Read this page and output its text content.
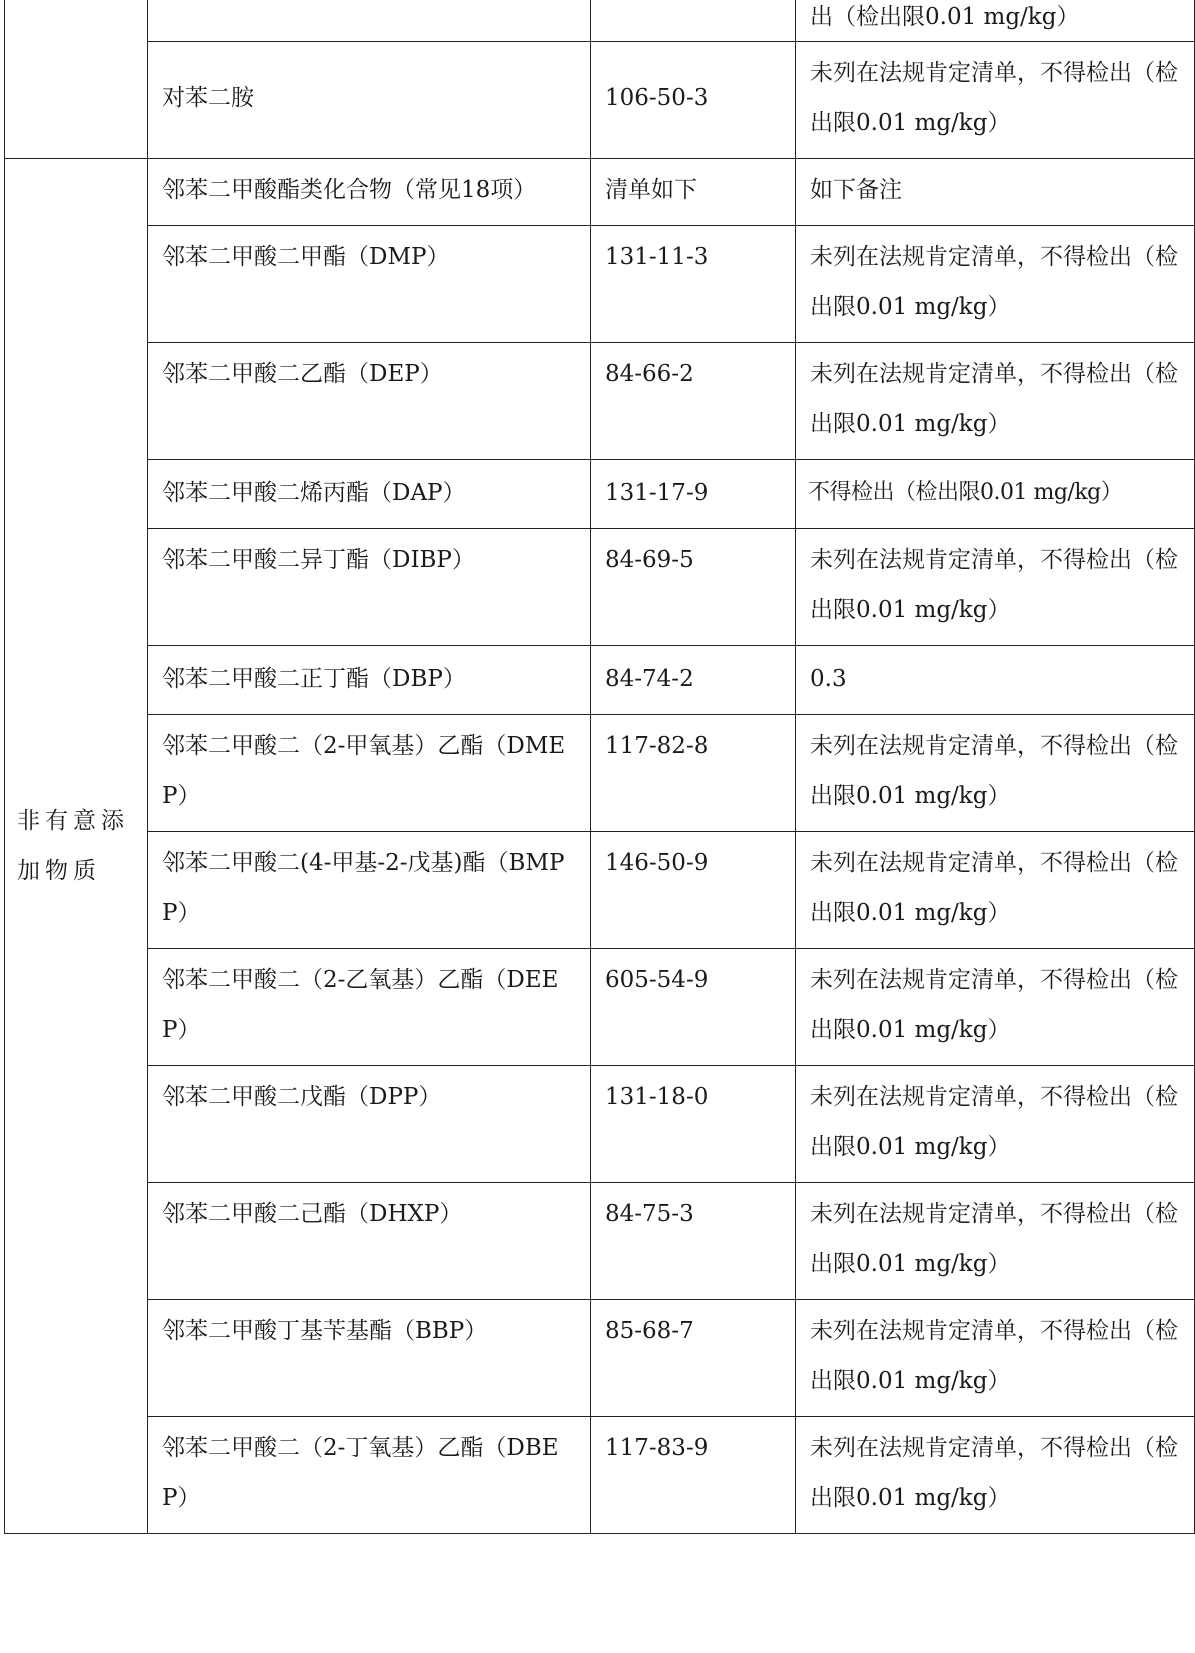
			出（检出限0.01 mg/kg）
	对苯二胺	106-50-3	未列在法规肯定清单，不得检出（检出限0.01 mg/kg）
非有意添加物质	邻苯二甲酸酯类化合物（常见18项）	清单如下	如下备注
	邻苯二甲酸二甲酯（DMP）	131-11-3	未列在法规肯定清单，不得检出（检出限0.01 mg/kg）
	邻苯二甲酸二乙酯（DEP）	84-66-2	未列在法规肯定清单，不得检出（检出限0.01 mg/kg）
	邻苯二甲酸二烯丙酯（DAP）	131-17-9	不得检出（检出限0.01 mg/kg）
	邻苯二甲酸二异丁酯（DIBP）	84-69-5	未列在法规肯定清单，不得检出（检出限0.01 mg/kg）
	邻苯二甲酸二正丁酯（DBP）	84-74-2	0.3
	邻苯二甲酸二（2-甲氧基）乙酯（DMEP）	117-82-8	未列在法规肯定清单，不得检出（检出限0.01 mg/kg）
	邻苯二甲酸二(4-甲基-2-戊基)酯（BMPP）	146-50-9	未列在法规肯定清单，不得检出（检出限0.01 mg/kg）
	邻苯二甲酸二（2-乙氧基）乙酯（DEEP）	605-54-9	未列在法规肯定清单，不得检出（检出限0.01 mg/kg）
	邻苯二甲酸二戊酯（DPP）	131-18-0	未列在法规肯定清单，不得检出（检出限0.01 mg/kg）
	邻苯二甲酸二己酯（DHXP）	84-75-3	未列在法规肯定清单，不得检出（检出限0.01 mg/kg）
	邻苯二甲酸丁基苄基酯（BBP）	85-68-7	未列在法规肯定清单，不得检出（检出限0.01 mg/kg）
	邻苯二甲酸二（2-丁氧基）乙酯（DBEP）	117-83-9	未列在法规肯定清单，不得检出（检出限0.01 mg/kg）
